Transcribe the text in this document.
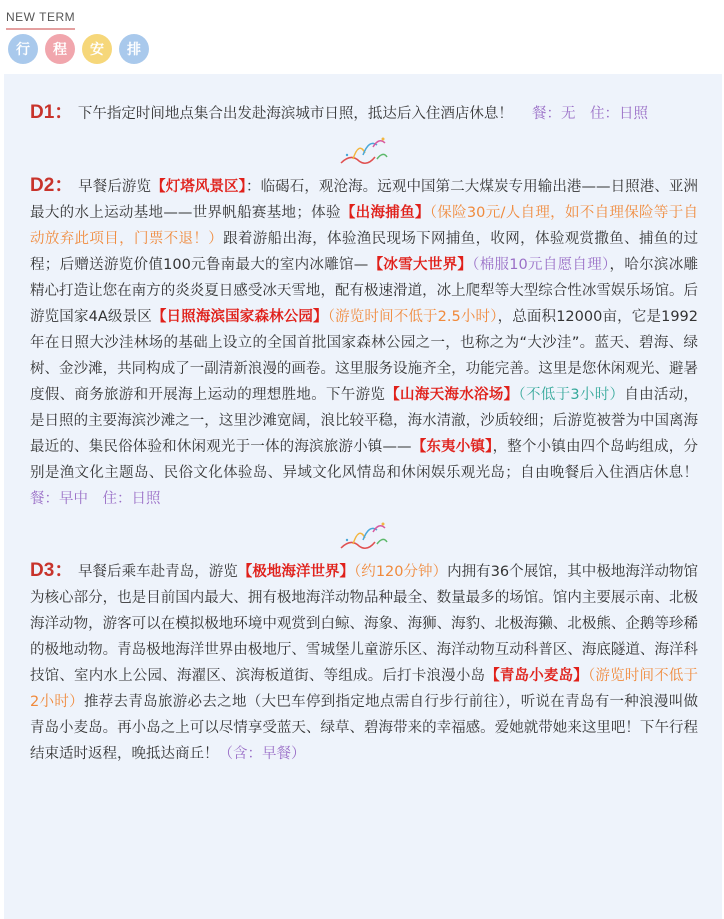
NEW TERM
行	程	安	排

D1： 下午指定时间地点集合出发赴海滨城市日照，抵达后入住酒店休息！　 餐：无　住：日照

D2： 早餐后游览【灯塔风景区】：临碣石，观沧海。远观中国第二大煤炭专用输出港——日照港、亚洲最大的水上运动基地——世界帆船赛基地；体验【出海捕鱼】（保险30元/人自理，如不自理保险等于自动放弃此项目，门票不退！）跟着游船出海，体验渔民现场下网捕鱼，收网，体验观赏撒鱼、捕鱼的过程；后赠送游览价值100元鲁南最大的室内冰雕馆—【冰雪大世界】（棉服10元自愿自理），哈尔滨冰雕精心打造让您在南方的炎炎夏日感受冰天雪地，配有极速滑道，冰上爬犁等大型综合性冰雪娱乐场馆。后游览国家4A级景区【日照海滨国家森林公园】（游览时间不低于2.5小时），总面积12000亩，它是1992年在日照大沙洼林场的基础上设立的全国首批国家森林公园之一，也称之为“大沙洼”。蓝天、碧海、绿树、金沙滩，共同构成了一副清新浪漫的画卷。这里服务设施齐全，功能完善。这里是您休闲观光、避暑度假、商务旅游和开展海上运动的理想胜地。下午游览【山海天海水浴场】（不低于3小时）自由活动，是日照的主要海滨沙滩之一，这里沙滩宽阔，浪比较平稳，海水清澈，沙质较细；后游览被誉为中国离海最近的、集民俗体验和休闲观光于一体的海滨旅游小镇——【东夷小镇】，整个小镇由四个岛屿组成，分别是渔文化主题岛、民俗文化体验岛、异域文化风情岛和休闲娱乐观光岛；自由晚餐后入住酒店休息！　餐：早中　住：日照

D3： 早餐后乘车赴青岛，游览【极地海洋世界】（约120分钟）内拥有36个展馆，其中极地海洋动物馆为核心部分，也是目前国内最大、拥有极地海洋动物品种最全、数量最多的场馆。馆内主要展示南、北极海洋动物，游客可以在模拟极地环境中观赏到白鲸、海象、海狮、海豹、北极海獭、北极熊、企鹅等珍稀的极地动物。青岛极地海洋世界由极地厅、雪城堡儿童游乐区、海洋动物互动科普区、海底隧道、海洋科技馆、室内水上公园、海濯区、滨海板道街、等组成。后打卡浪漫小岛【青岛小麦岛】（游览时间不低于2小时）推荐去青岛旅游必去之地（大巴车停到指定地点需自行步行前往），听说在青岛有一种浪漫叫做青岛小麦岛。再小岛之上可以尽情享受蓝天、绿草、碧海带来的幸福感。爱她就带她来这里吧！下午行程结束适时返程，晚抵达商丘！（含：早餐）
